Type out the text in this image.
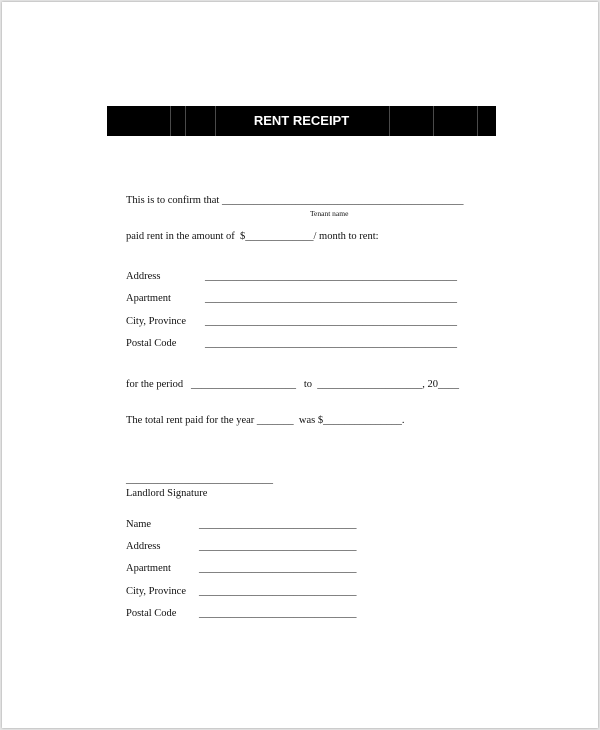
RENT RECEIPT
This is to confirm that ______________________________________________
Tenant name
paid rent in the amount of  $_____________/ month to rent:
Address	________________________________________________
Apartment	________________________________________________
City, Province ________________________________________________
Postal Code	________________________________________________
for the period   ____________________   to  ____________________, 20____
The total rent paid for the year _______  was $_______________.
____________________________
Landlord Signature
Name	______________________________
Address	______________________________
Apartment	______________________________
City, Province ______________________________
Postal Code ______________________________
